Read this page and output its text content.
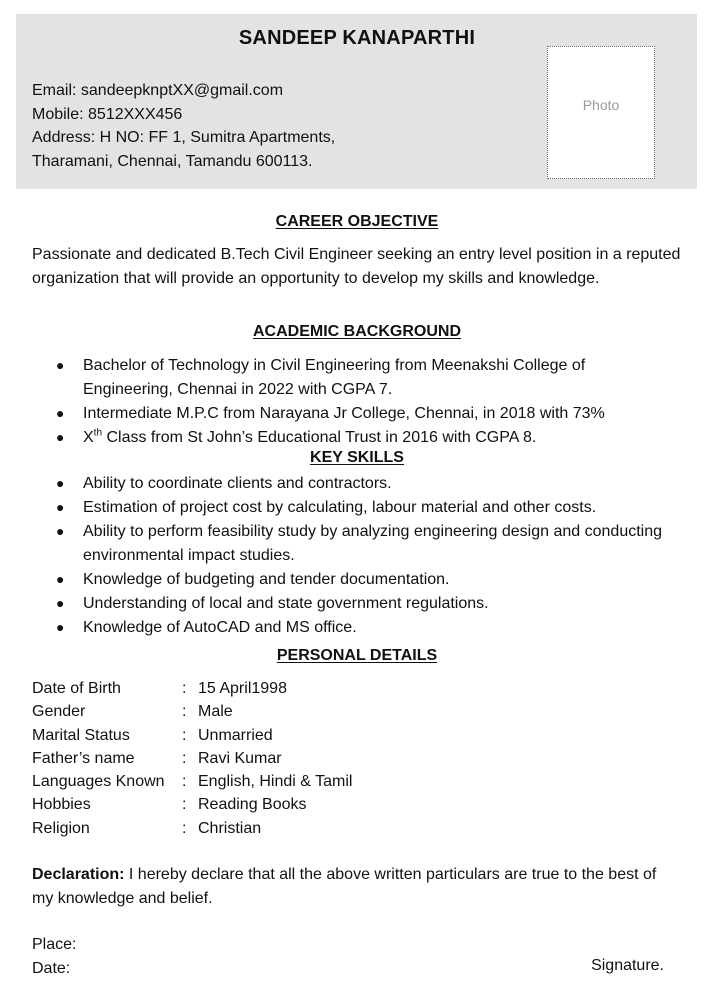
SANDEEP KANAPARTHI
Email: sandeepknptXX@gmail.com
Mobile: 8512XXX456
Address: H NO: FF 1, Sumitra Apartments,
Tharamani, Chennai, Tamandu 600113.
Photo
CAREER OBJECTIVE
Passionate and dedicated B.Tech Civil Engineer seeking an entry level position in a reputed organization that will provide an opportunity to develop my skills and knowledge.
ACADEMIC BACKGROUND
● Bachelor of Technology in Civil Engineering from Meenakshi College of Engineering, Chennai in 2022 with CGPA 7.
● Intermediate M.P.C from Narayana Jr College, Chennai, in 2018 with 73%
● Xth Class from St John’s Educational Trust in 2016 with CGPA 8.
KEY SKILLS
● Ability to coordinate clients and contractors.
● Estimation of project cost by calculating, labour material and other costs.
● Ability to perform feasibility study by analyzing engineering design and conducting environmental impact studies.
● Knowledge of budgeting and tender documentation.
● Understanding of local and state government regulations.
● Knowledge of AutoCAD and MS office.
PERSONAL DETAILS
Date of Birth	: 15 April1998
Gender	: Male
Marital Status	: Unmarried
Father’s name	: Ravi Kumar
Languages Known	: English, Hindi & Tamil
Hobbies	: Reading Books
Religion	: Christian
Declaration: I hereby declare that all the above written particulars are true to the best of my knowledge and belief.
Place:
Date:	Signature.
